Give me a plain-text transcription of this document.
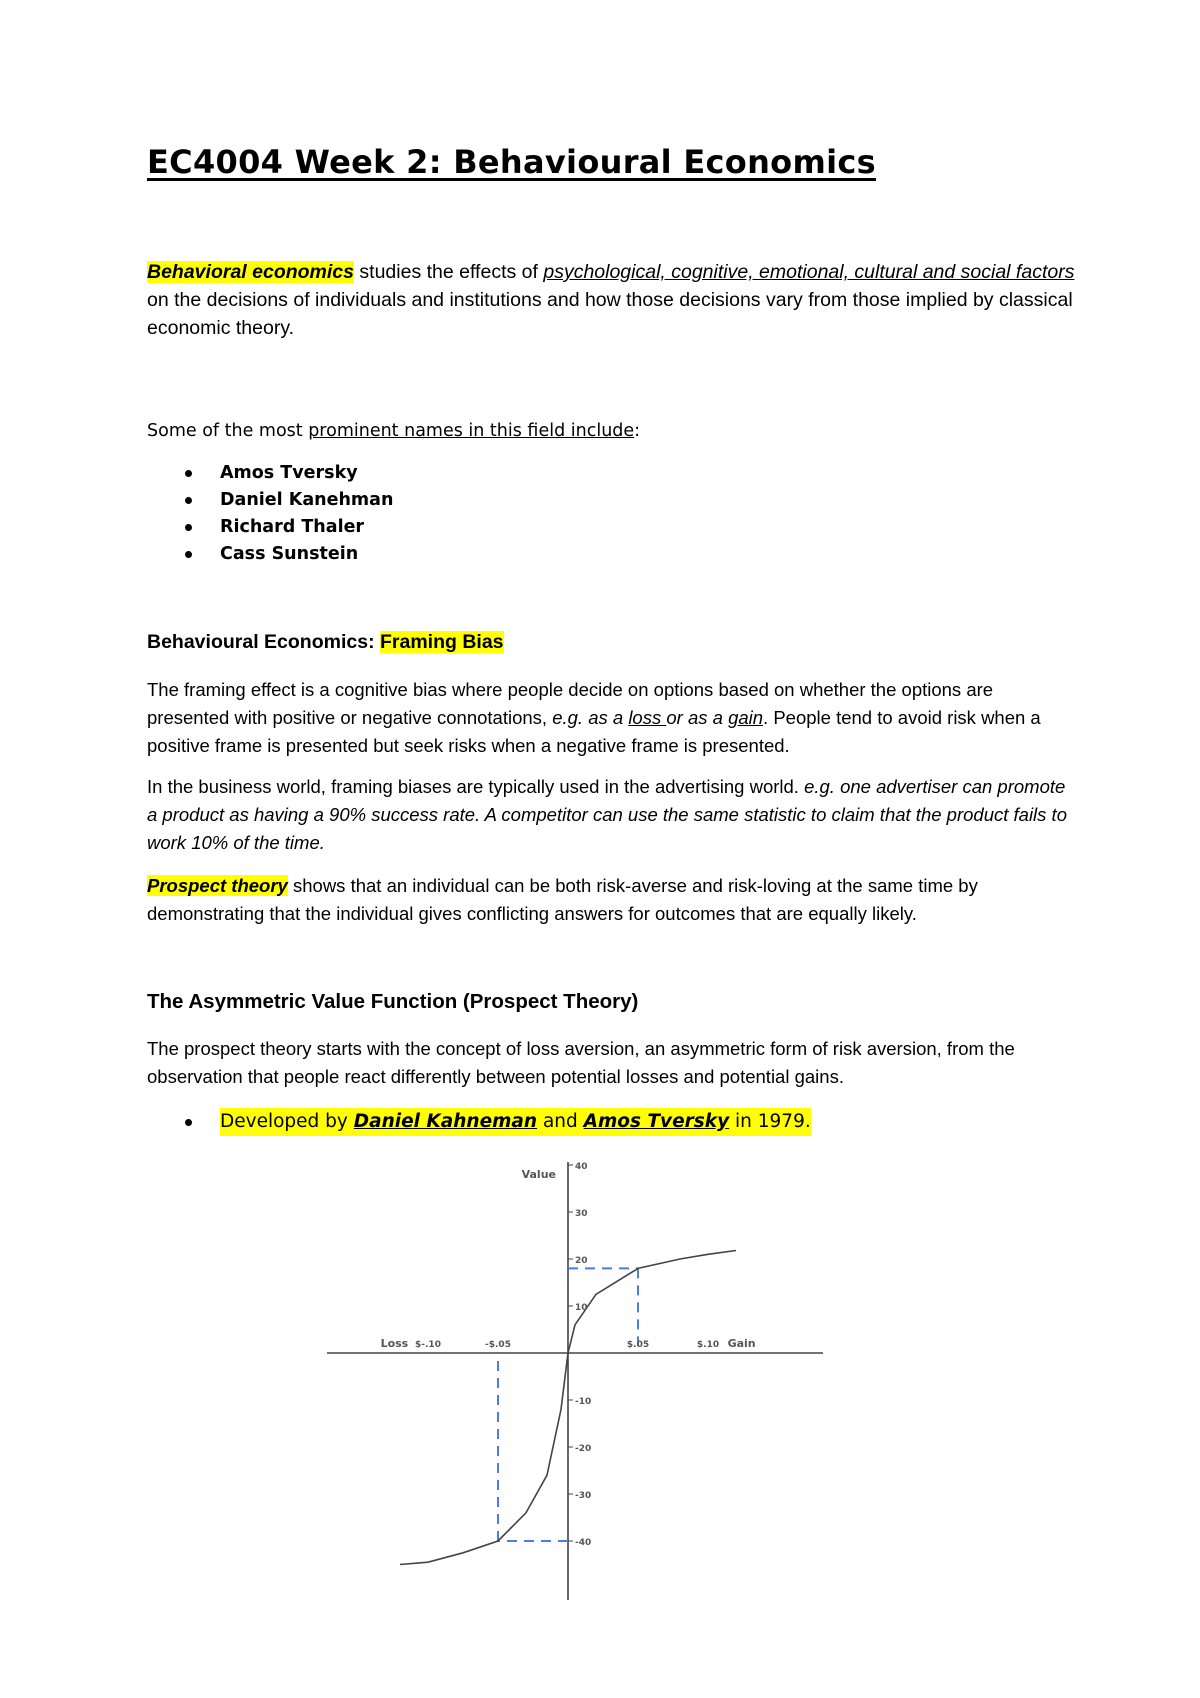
EC4004 Week 2: Behavioural Economics

Behavioral economics studies the effects of psychological, cognitive, emotional, cultural and social factors on the decisions of individuals and institutions and how those decisions vary from those implied by classical economic theory.

Some of the most prominent names in this field include:

Amos Tversky
Daniel Kanehman
Richard Thaler
Cass Sunstein
Behavioural Economics: Framing Bias

The framing effect is a cognitive bias where people decide on options based on whether the options are presented with positive or negative connotations, e.g. as a loss or as a gain. People tend to avoid risk when a positive frame is presented but seek risks when a negative frame is presented.

In the business world, framing biases are typically used in the advertising world. e.g. one advertiser can promote a product as having a 90% success rate. A competitor can use the same statistic to claim that the product fails to work 10% of the time.

Prospect theory shows that an individual can be both risk-averse and risk-loving at the same time by demonstrating that the individual gives conflicting answers for outcomes that are equally likely.

The Asymmetric Value Function (Prospect Theory)

The prospect theory starts with the concept of loss aversion, an asymmetric form of risk aversion, from the observation that people react differently between potential losses and potential gains.

Developed by Daniel Kahneman and Amos Tversky in 1979.
40
30
20
10
-10
-20
-30
-40
$-.10	-$.05	$.05	$.10
Loss	Gain
Value
